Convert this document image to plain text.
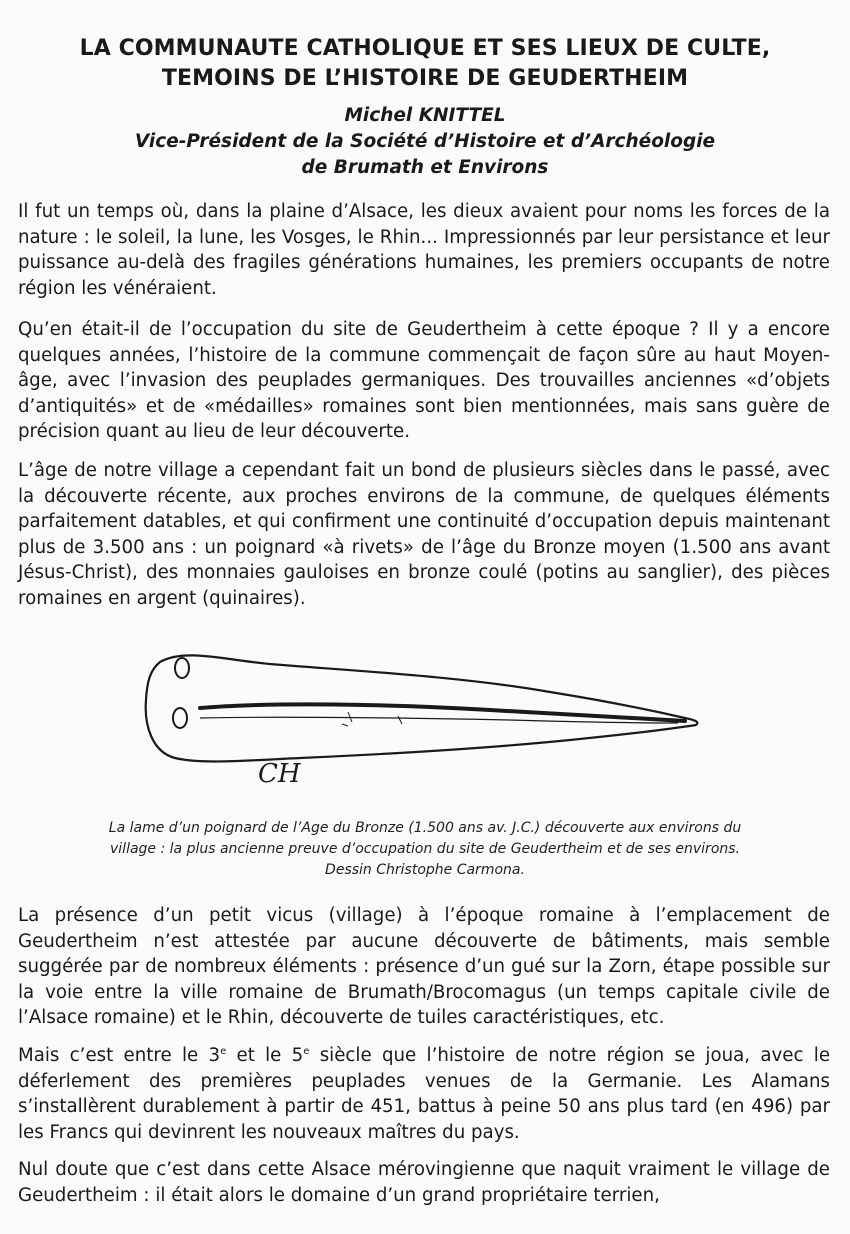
LA COMMUNAUTE CATHOLIQUE ET SES LIEUX DE CULTE,
TEMOINS DE L’HISTOIRE DE GEUDERTHEIM
Michel KNITTEL
Vice-Président de la Société d’Histoire et d’Archéologie
de Brumath et Environs

Il fut un temps où, dans la plaine d’Alsace, les dieux avaient pour noms les forces de la nature : le soleil, la lune, les Vosges, le Rhin... Impressionnés par leur persistance et leur puissance au-delà des fragiles générations humaines, les premiers occupants de notre région les vénéraient.

Qu’en était-il de l’occupation du site de Geudertheim à cette époque ? Il y a encore quelques années, l’histoire de la commune commençait de façon sûre au haut Moyen-âge, avec l’invasion des peuplades germaniques. Des trouvailles anciennes «d’objets d’antiquités» et de «médailles» romaines sont bien mentionnées, mais sans guère de précision quant au lieu de leur découverte.

L’âge de notre village a cependant fait un bond de plusieurs siècles dans le passé, avec la découverte récente, aux proches environs de la commune, de quelques éléments parfaitement datables, et qui confirment une continuité d’occupation depuis maintenant plus de 3.500 ans : un poignard «à rivets» de l’âge du Bronze moyen (1.500 ans avant Jésus-Christ), des monnaies gauloises en bronze coulé (potins au sanglier), des pièces romaines en argent (quinaires).

CH
La lame d’un poignard de l’Age du Bronze (1.500 ans av. J.C.) découverte aux environs du
village : la plus ancienne preuve d’occupation du site de Geudertheim et de ses environs.
Dessin Christophe Carmona.

La présence d’un petit vicus (village) à l’époque romaine à l’emplacement de Geudertheim n’est attestée par aucune découverte de bâtiments, mais semble suggérée par de nombreux éléments : présence d’un gué sur la Zorn, étape possible sur la voie entre la ville romaine de Brumath/Brocomagus (un temps capitale civile de l’Alsace romaine) et le Rhin, découverte de tuiles caractéristiques, etc.

Mais c’est entre le 3e et le 5e siècle que l’histoire de notre région se joua, avec le déferlement des premières peuplades venues de la Germanie. Les Alamans s’installèrent durablement à partir de 451, battus à peine 50 ans plus tard (en 496) par les Francs qui devinrent les nouveaux maîtres du pays.

Nul doute que c’est dans cette Alsace mérovingienne que naquit vraiment le village de Geudertheim : il était alors le domaine d’un grand propriétaire terrien,
